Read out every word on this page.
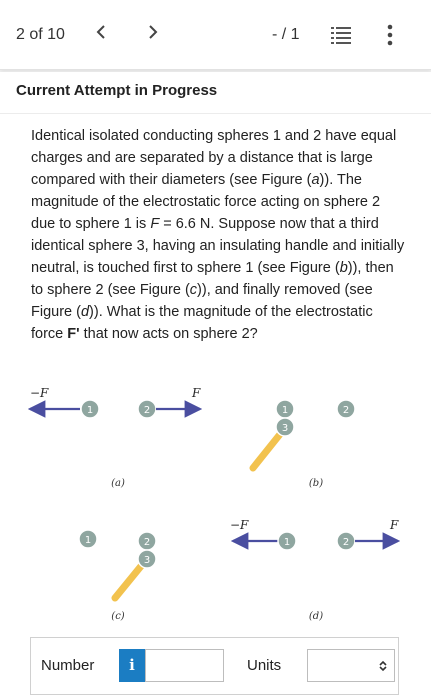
2 of 10	- / 1
Current Attempt in Progress
Identical isolated conducting spheres 1 and 2 have equal charges and are separated by a distance that is large compared with their diameters (see Figure (a)). The magnitude of the electrostatic force acting on sphere 2 due to sphere 1 is F = 6.6 N. Suppose now that a third identical sphere 3, having an insulating handle and initially neutral, is touched first to sphere 1 (see Figure (b)), then to sphere 2 (see Figure (c)), and finally removed (see Figure (d)). What is the magnitude of the electrostatic force F' that now acts on sphere 2?
−F
1	2
F
(a)
1
3
2
(b)
1	2
3
(c)
−F
1	2
F
(d)
Number	i	Units
